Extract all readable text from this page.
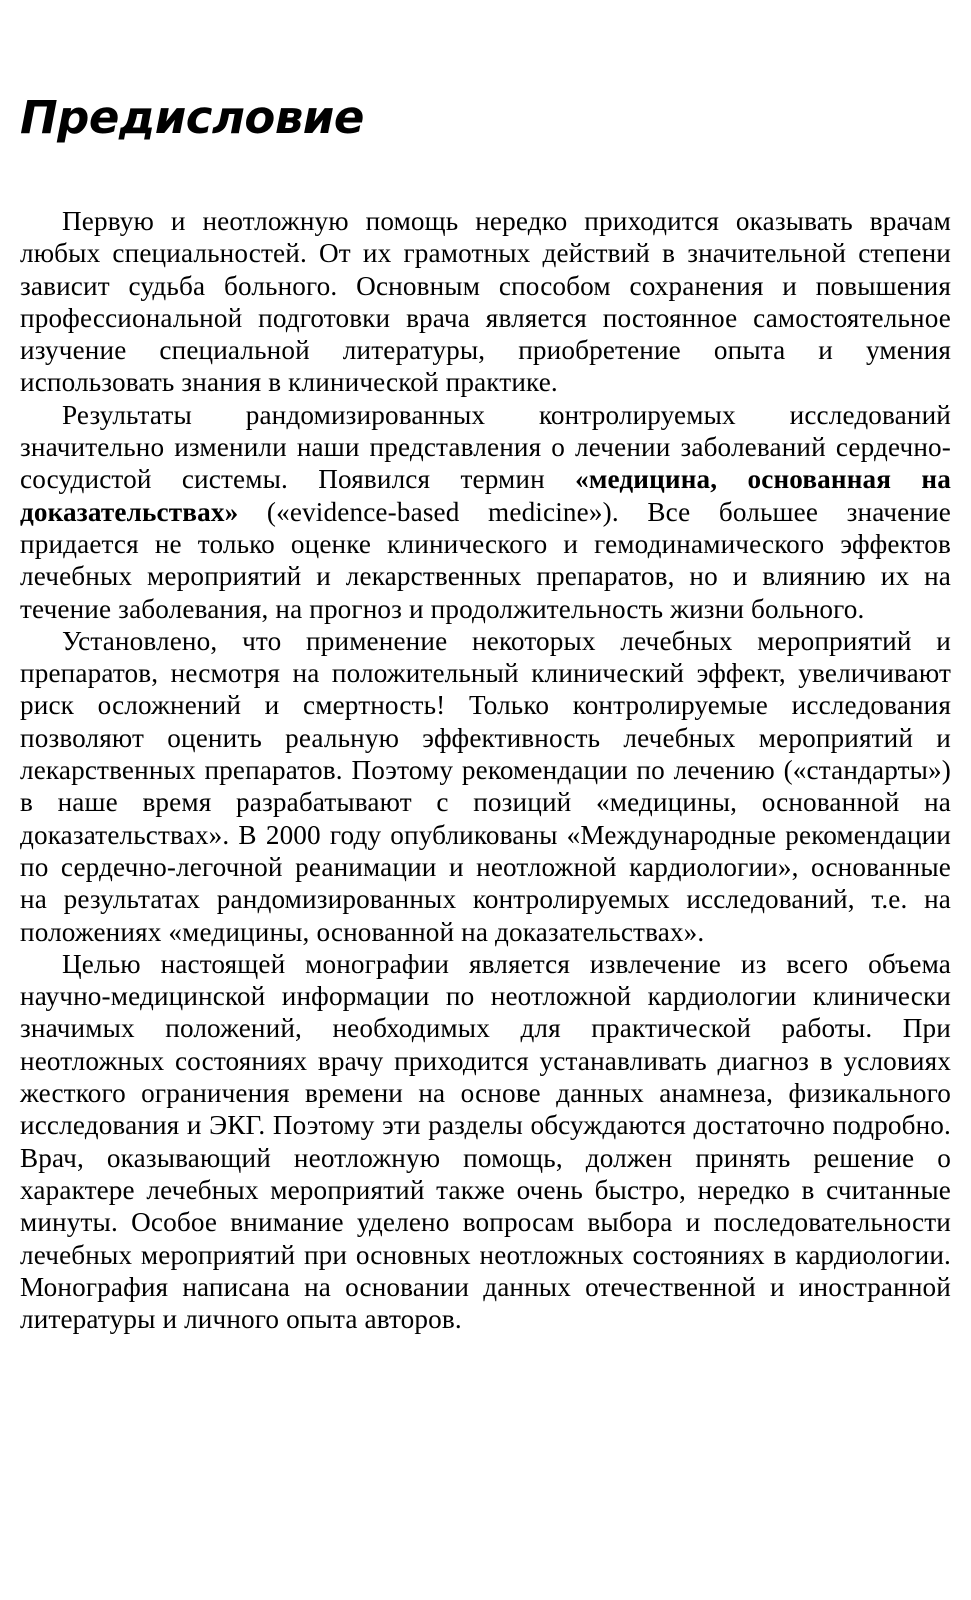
Предисловие

Первую и неотложную помощь нередко приходится оказывать врачам любых специальностей. От их грамотных действий в значительной степени зависит судьба больного. Основным способом сохранения и повышения профессиональной подготовки врача является постоянное самостоятельное изучение специальной литературы, приобретение опыта и умения использовать знания в клинической практике.

Результаты рандомизированных контролируемых исследований значительно изменили наши представления о лечении заболеваний сердечно-сосудистой системы. Появился термин «медицина, основанная на доказательствах» («evidence-based medicine»). Все большее значение придается не только оценке клинического и гемодинамического эффектов лечебных мероприятий и лекарственных препаратов, но и влиянию их на течение заболевания, на прогноз и продолжительность жизни больного.

Установлено, что применение некоторых лечебных мероприятий и препаратов, несмотря на положительный клинический эффект, увеличивают риск осложнений и смертность! Только контролируемые исследования позволяют оценить реальную эффективность лечебных мероприятий и лекарственных препаратов. Поэтому рекомендации по лечению («стандарты») в наше время разрабатывают с позиций «медицины, основанной на доказательствах». В 2000 году опубликованы «Международные рекомендации по сердечно-легочной реанимации и неотложной кардиологии», основанные на результатах рандомизированных контролируемых исследований, т.е. на положениях «медицины, основанной на доказательствах».

Целью настоящей монографии является извлечение из всего объема научно-медицинской информации по неотложной кардиологии клинически значимых положений, необходимых для практической работы. При неотложных состояниях врачу приходится устанавливать диагноз в условиях жесткого ограничения времени на основе данных анамнеза, физикального исследования и ЭКГ. Поэтому эти разделы обсуждаются достаточно подробно. Врач, оказывающий неотложную помощь, должен принять решение о характере лечебных мероприятий также очень быстро, нередко в считанные минуты. Особое внимание уделено вопросам выбора и последовательности лечебных мероприятий при основных неотложных состояниях в кардиологии. Монография написана на основании данных отечественной и иностранной литературы и личного опыта авторов.
